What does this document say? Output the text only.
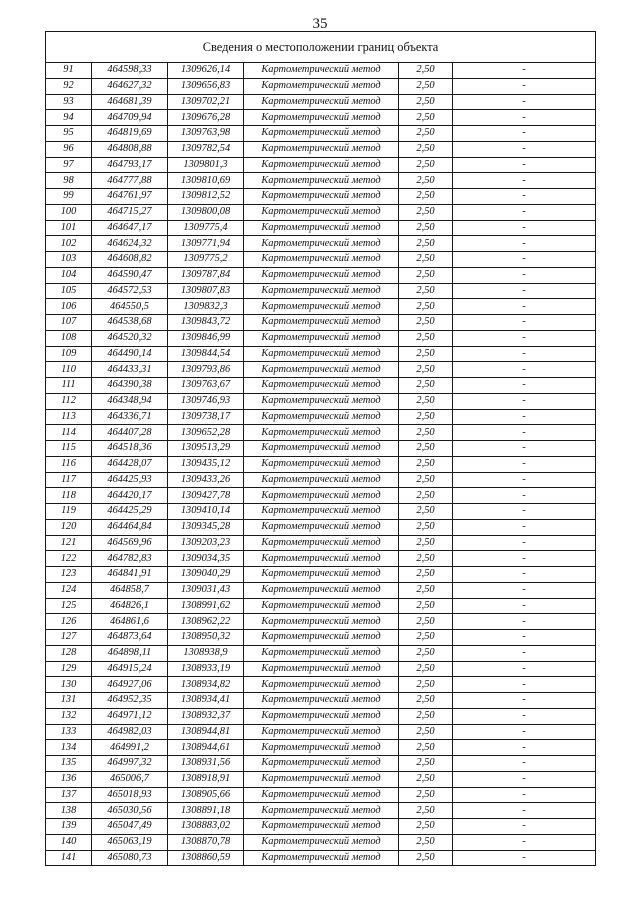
35
Сведения о местоположении границ объекта					
91	464598,33	1309626,14	Картометрический метод	2,50	-
92	464627,32	1309656,83	Картометрический метод	2,50	-
93	464681,39	1309702,21	Картометрический метод	2,50	-
94	464709,94	1309676,28	Картометрический метод	2,50	-
95	464819,69	1309763,98	Картометрический метод	2,50	-
96	464808,88	1309782,54	Картометрический метод	2,50	-
97	464793,17	1309801,3	Картометрический метод	2,50	-
98	464777,88	1309810,69	Картометрический метод	2,50	-
99	464761,97	1309812,52	Картометрический метод	2,50	-
100	464715,27	1309800,08	Картометрический метод	2,50	-
101	464647,17	1309775,4	Картометрический метод	2,50	-
102	464624,32	1309771,94	Картометрический метод	2,50	-
103	464608,82	1309775,2	Картометрический метод	2,50	-
104	464590,47	1309787,84	Картометрический метод	2,50	-
105	464572,53	1309807,83	Картометрический метод	2,50	-
106	464550,5	1309832,3	Картометрический метод	2,50	-
107	464538,68	1309843,72	Картометрический метод	2,50	-
108	464520,32	1309846,99	Картометрический метод	2,50	-
109	464490,14	1309844,54	Картометрический метод	2,50	-
110	464433,31	1309793,86	Картометрический метод	2,50	-
111	464390,38	1309763,67	Картометрический метод	2,50	-
112	464348,94	1309746,93	Картометрический метод	2,50	-
113	464336,71	1309738,17	Картометрический метод	2,50	-
114	464407,28	1309652,28	Картометрический метод	2,50	-
115	464518,36	1309513,29	Картометрический метод	2,50	-
116	464428,07	1309435,12	Картометрический метод	2,50	-
117	464425,93	1309433,26	Картометрический метод	2,50	-
118	464420,17	1309427,78	Картометрический метод	2,50	-
119	464425,29	1309410,14	Картометрический метод	2,50	-
120	464464,84	1309345,28	Картометрический метод	2,50	-
121	464569,96	1309203,23	Картометрический метод	2,50	-
122	464782,83	1309034,35	Картометрический метод	2,50	-
123	464841,91	1309040,29	Картометрический метод	2,50	-
124	464858,7	1309031,43	Картометрический метод	2,50	-
125	464826,1	1308991,62	Картометрический метод	2,50	-
126	464861,6	1308962,22	Картометрический метод	2,50	-
127	464873,64	1308950,32	Картометрический метод	2,50	-
128	464898,11	1308938,9	Картометрический метод	2,50	-
129	464915,24	1308933,19	Картометрический метод	2,50	-
130	464927,06	1308934,82	Картометрический метод	2,50	-
131	464952,35	1308934,41	Картометрический метод	2,50	-
132	464971,12	1308932,37	Картометрический метод	2,50	-
133	464982,03	1308944,81	Картометрический метод	2,50	-
134	464991,2	1308944,61	Картометрический метод	2,50	-
135	464997,32	1308931,56	Картометрический метод	2,50	-
136	465006,7	1308918,91	Картометрический метод	2,50	-
137	465018,93	1308905,66	Картометрический метод	2,50	-
138	465030,56	1308891,18	Картометрический метод	2,50	-
139	465047,49	1308883,02	Картометрический метод	2,50	-
140	465063,19	1308870,78	Картометрический метод	2,50	-
141	465080,73	1308860,59	Картометрический метод	2,50	-
